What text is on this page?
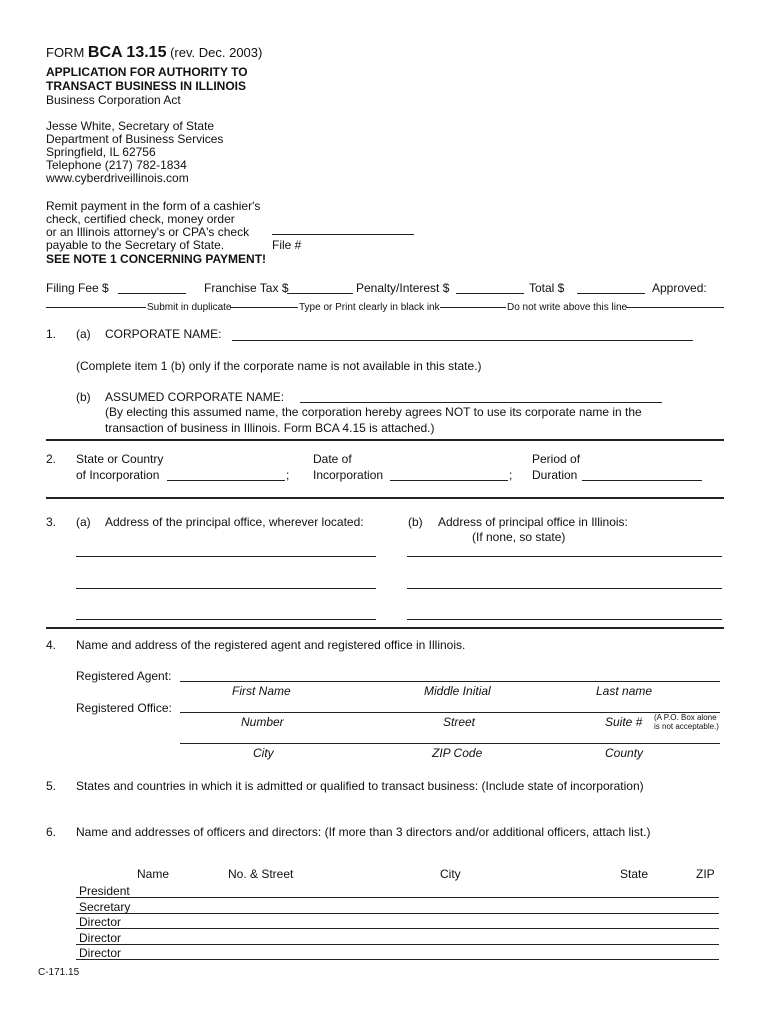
FORM BCA 13.15 (rev. Dec. 2003)
APPLICATION FOR AUTHORITY TO
TRANSACT BUSINESS IN ILLINOIS
Business Corporation Act
Jesse White, Secretary of State
Department of Business Services
Springfield, IL 62756
Telephone (217) 782-1834
www.cyberdriveillinois.com
Remit payment in the form of a cashier's
check, certified check, money order
or an Illinois attorney's or CPA's check
payable to the Secretary of State.
SEE NOTE 1 CONCERNING PAYMENT!
File #
Filing Fee $	Franchise Tax $	Penalty/Interest $	Total $	Approved:
Submit in duplicate	Type or Print clearly in black ink	Do not write above this line
1. (a) CORPORATE NAME:
(Complete item 1 (b) only if the corporate name is not available in this state.)
(b) ASSUMED CORPORATE NAME:
(By electing this assumed name, the corporation hereby agrees NOT to use its corporate name in the
transaction of business in Illinois. Form BCA 4.15 is attached.)
2. State or Country
of Incorporation	;
Date of
Incorporation	;
Period of
Duration
3. (a) Address of the principal office, wherever located:	(b) Address of principal office in Illinois:
(If none, so state)
4. Name and address of the registered agent and registered office in Illinois.
Registered Agent:
First Name	Middle Initial	Last name
Registered Office:
Number	Street	Suite # (A P.O. Box alone
is not acceptable.)
City	ZIP Code	County
5. States and countries in which it is admitted or qualified to transact business: (Include state of incorporation)
6. Name and addresses of officers and directors: (If more than 3 directors and/or additional officers, attach list.)
Name	No. & Street	City	State	ZIP
President
Secretary
Director
Director
Director
C-171.15
